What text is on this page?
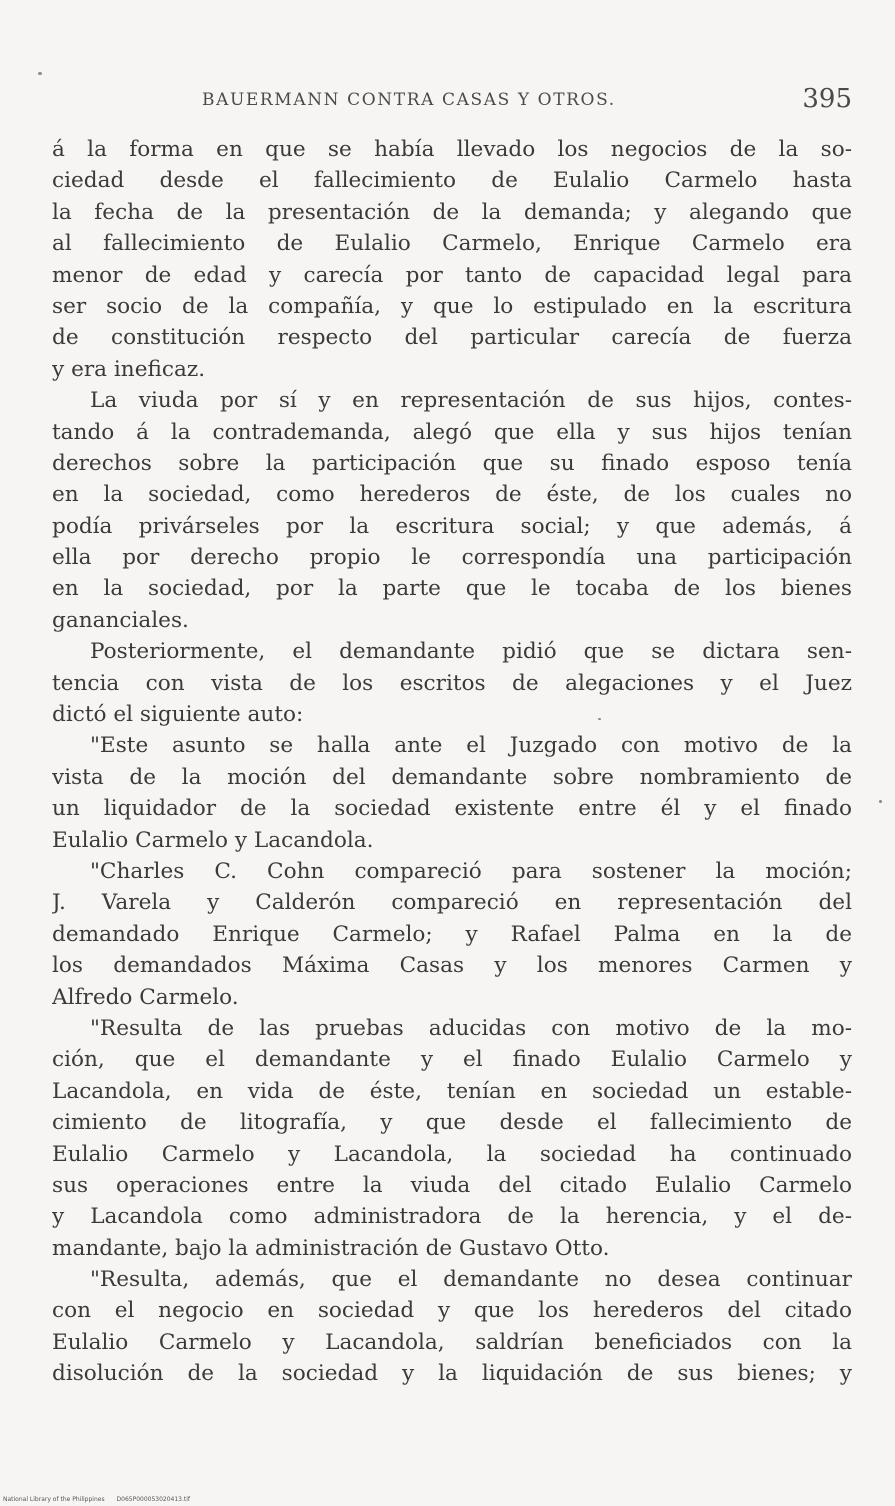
BAUERMANN CONTRA CASAS Y OTROS.	395
á la forma en que se había llevado los negocios de la so-
ciedad desde el fallecimiento de Eulalio Carmelo hasta
la fecha de la presentación de la demanda; y alegando que
al fallecimiento de Eulalio Carmelo, Enrique Carmelo era
menor de edad y carecía por tanto de capacidad legal para
ser socio de la compañía, y que lo estipulado en la escritura
de constitución respecto del particular carecía de fuerza
y era ineficaz.
La viuda por sí y en representación de sus hijos, contes-
tando á la contrademanda, alegó que ella y sus hijos tenían
derechos sobre la participación que su finado esposo tenía
en la sociedad, como herederos de éste, de los cuales no
podía privárseles por la escritura social; y que además, á
ella por derecho propio le correspondía una participación
en la sociedad, por la parte que le tocaba de los bienes
gananciales.
Posteriormente, el demandante pidió que se dictara sen-
tencia con vista de los escritos de alegaciones y el Juez
dictó el siguiente auto:
"Este asunto se halla ante el Juzgado con motivo de la
vista de la moción del demandante sobre nombramiento de
un liquidador de la sociedad existente entre él y el finado
Eulalio Carmelo y Lacandola.
"Charles C. Cohn compareció para sostener la moción;
J. Varela y Calderón compareció en representación del
demandado Enrique Carmelo; y Rafael Palma en la de
los demandados Máxima Casas y los menores Carmen y
Alfredo Carmelo.
"Resulta de las pruebas aducidas con motivo de la mo-
ción, que el demandante y el finado Eulalio Carmelo y
Lacandola, en vida de éste, tenían en sociedad un estable-
cimiento de litografía, y que desde el fallecimiento de
Eulalio Carmelo y Lacandola, la sociedad ha continuado
sus operaciones entre la viuda del citado Eulalio Carmelo
y Lacandola como administradora de la herencia, y el de-
mandante, bajo la administración de Gustavo Otto.
"Resulta, además, que el demandante no desea continuar
con el negocio en sociedad y que los herederos del citado
Eulalio Carmelo y Lacandola, saldrían beneficiados con la
disolución de la sociedad y la liquidación de sus bienes; y
National Library of the Philippines D065P000053020413.tif
